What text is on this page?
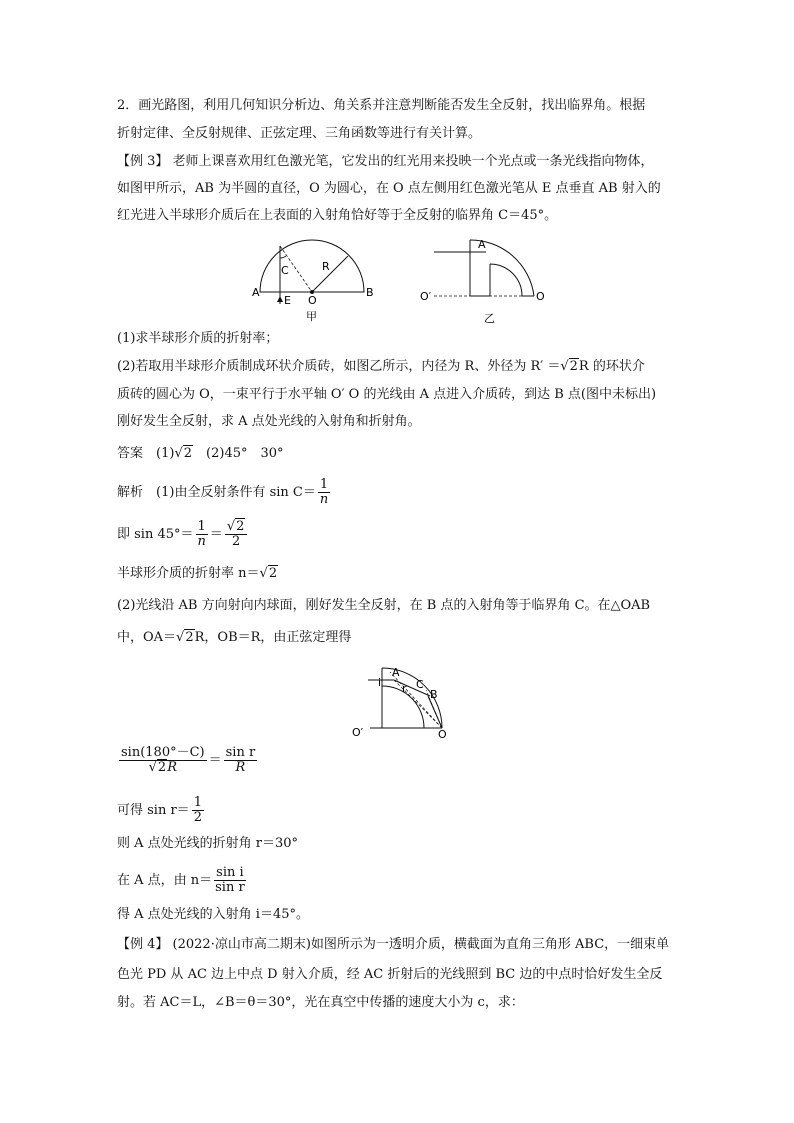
2．画光路图，利用几何知识分析边、角关系并注意判断能否发生全反射，找出临界角。根据
折射定律、全反射规律、正弦定理、三角函数等进行有关计算。
【例 3】 老师上课喜欢用红色激光笔，它发出的红光用来投映一个光点或一条光线指向物体，
如图甲所示，AB 为半圆的直径，O 为圆心，在 O 点左侧用红色激光笔从 E 点垂直 AB 射入的
红光进入半球形介质后在上表面的入射角恰好等于全反射的临界角 C＝45°。
A	B
C	R
E O
甲
A
O′	O
乙
(1)求半球形介质的折射率；
(2)若取用半球形介质制成环状介质砖，如图乙所示，内径为 R、外径为 R′ ＝√2R 的环状介
质砖的圆心为 O，一束平行于水平轴 O′ O 的光线由 A 点进入介质砖，到达 B 点(图中未标出)
刚好发生全反射，求 A 点处光线的入射角和折射角。
答案　 (1)√2　 (2)45°　30°
解析　 (1)由全反射条件有 $\sin C= \frac{1}{n}$
即 $\sin 45^\circ= \frac{1}{n} = \frac{√2}{2}$
半球形介质的折射率 n＝√2
(2)光线沿 AB 方向射向内球面，刚好发生全反射，在 B 点的入射角等于临界角 C。在△OAB
中，OA＝√2R，OB＝R，由正弦定理得
A
i r C
B
O′	O
$\frac{\sin(180^\circ-C)}{√2R} = \frac{\text{sin r}}{R}$
可得 $\sin r= \frac{1}{2}$
则 A 点处光线的折射角 r＝30°
在 A 点，由 $n= \frac{\text{sin i}}{\text{sin r}}$
得 A 点处光线的入射角 i＝45°。
【例 4】 (2022·凉山市高二期末)如图所示为一透明介质，横截面为直角三角形 ABC，一细束单
色光 PD 从 AC 边上中点 D 射入介质，经 AC 折射后的光线照到 BC 边的中点时恰好发生全反
射。若 AC＝L，∠B＝θ＝30°，光在真空中传播的速度大小为 c，求：
